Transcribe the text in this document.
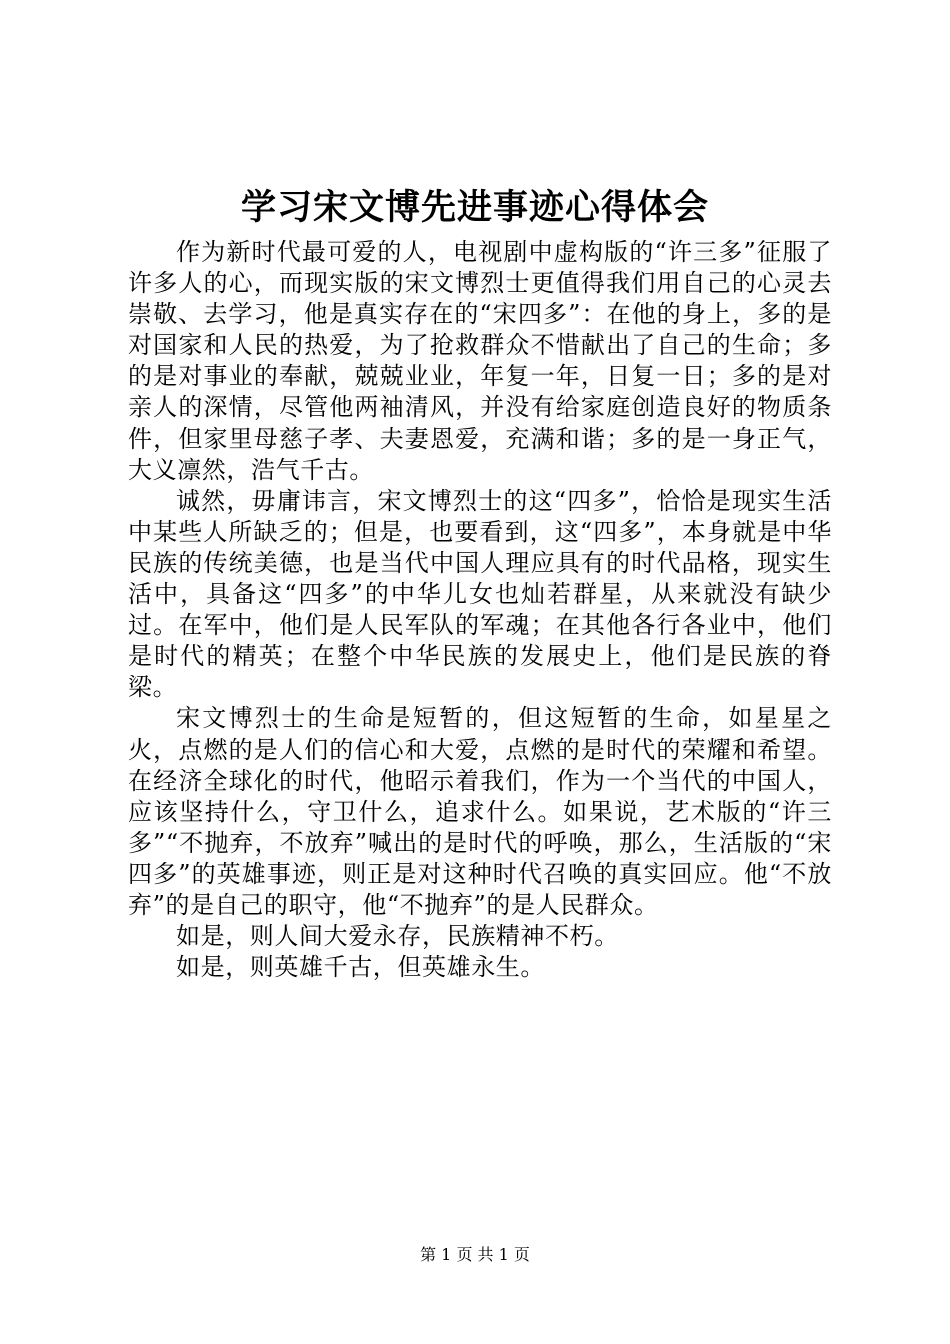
学习宋文博先进事迹心得体会

作为新时代最可爱的人，电视剧中虚构版的“许三多”征服了许多人的心，而现实版的宋文博烈士更值得我们用自己的心灵去崇敬、去学习，他是真实存在的“宋四多”：在他的身上，多的是对国家和人民的热爱，为了抢救群众不惜献出了自己的生命；多的是对事业的奉献，兢兢业业，年复一年，日复一日；多的是对亲人的深情，尽管他两袖清风，并没有给家庭创造良好的物质条件，但家里母慈子孝、夫妻恩爱，充满和谐；多的是一身正气，大义凛然，浩气千古。

诚然，毋庸讳言，宋文博烈士的这“四多”，恰恰是现实生活中某些人所缺乏的；但是，也要看到，这“四多”，本身就是中华民族的传统美德，也是当代中国人理应具有的时代品格，现实生活中，具备这“四多”的中华儿女也灿若群星，从来就没有缺少过。在军中，他们是人民军队的军魂；在其他各行各业中，他们是时代的精英；在整个中华民族的发展史上，他们是民族的脊梁。

宋文博烈士的生命是短暂的，但这短暂的生命，如星星之火，点燃的是人们的信心和大爱，点燃的是时代的荣耀和希望。在经济全球化的时代，他昭示着我们，作为一个当代的中国人，应该坚持什么，守卫什么，追求什么。如果说，艺术版的“许三多”“不抛弃，不放弃”喊出的是时代的呼唤，那么，生活版的“宋四多”的英雄事迹，则正是对这种时代召唤的真实回应。他“不放弃”的是自己的职守，他“不抛弃”的是人民群众。

如是，则人间大爱永存，民族精神不朽。

如是，则英雄千古，但英雄永生。

第 1 页 共 1 页
